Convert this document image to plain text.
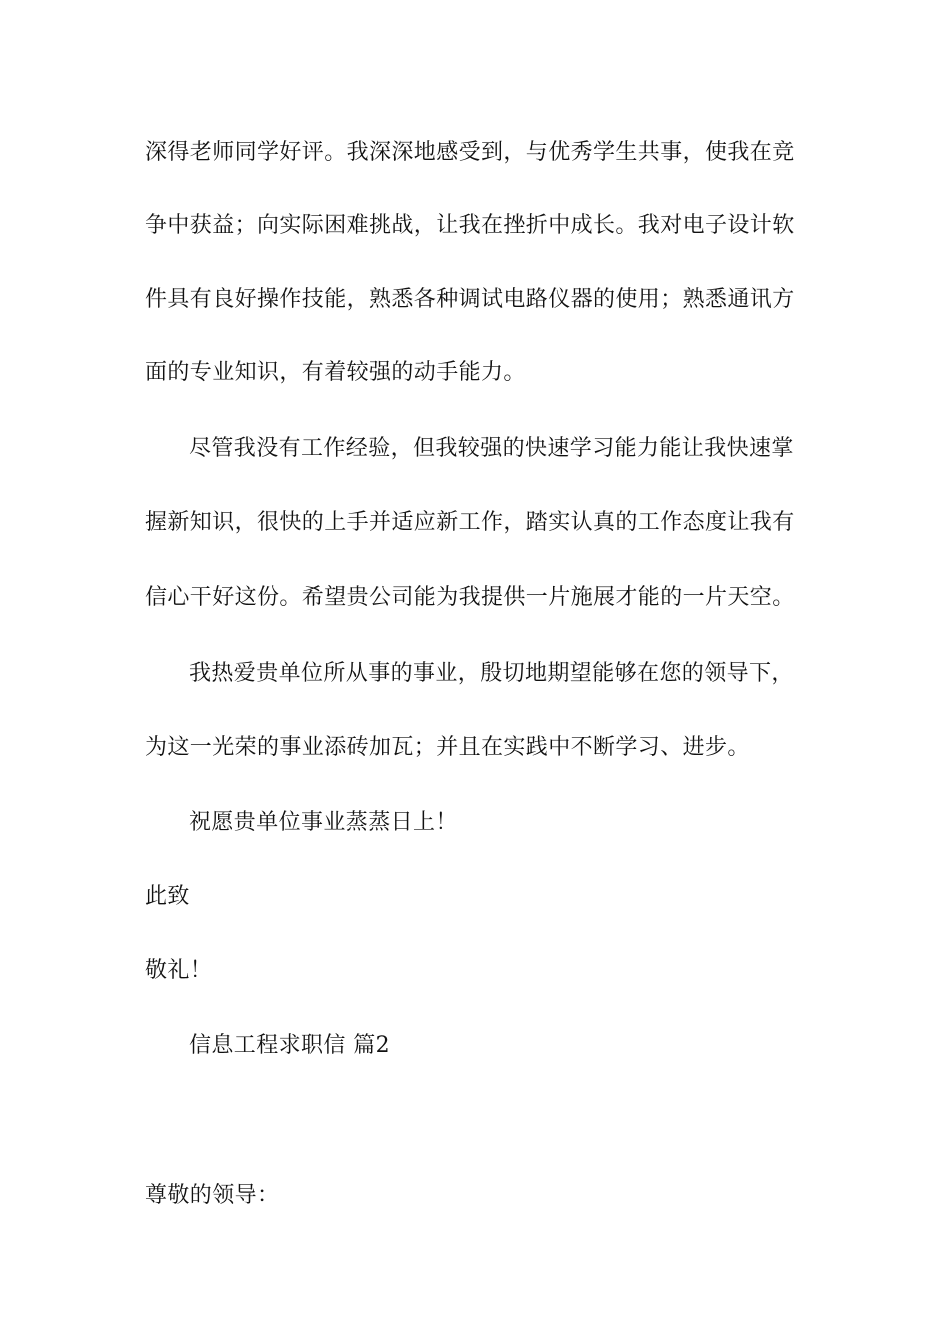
深得老师同学好评。我深深地感受到，与优秀学生共事，使我在竞
争中获益；向实际困难挑战，让我在挫折中成长。我对电子设计软
件具有良好操作技能，熟悉各种调试电路仪器的使用；熟悉通讯方
面的专业知识，有着较强的动手能力。
尽管我没有工作经验，但我较强的快速学习能力能让我快速掌
握新知识，很快的上手并适应新工作，踏实认真的工作态度让我有
信心干好这份。希望贵公司能为我提供一片施展才能的一片天空。
我热爱贵单位所从事的事业，殷切地期望能够在您的领导下，
为这一光荣的事业添砖加瓦；并且在实践中不断学习、进步。
祝愿贵单位事业蒸蒸日上！
此致
敬礼！
信息工程求职信 篇2
尊敬的领导：
